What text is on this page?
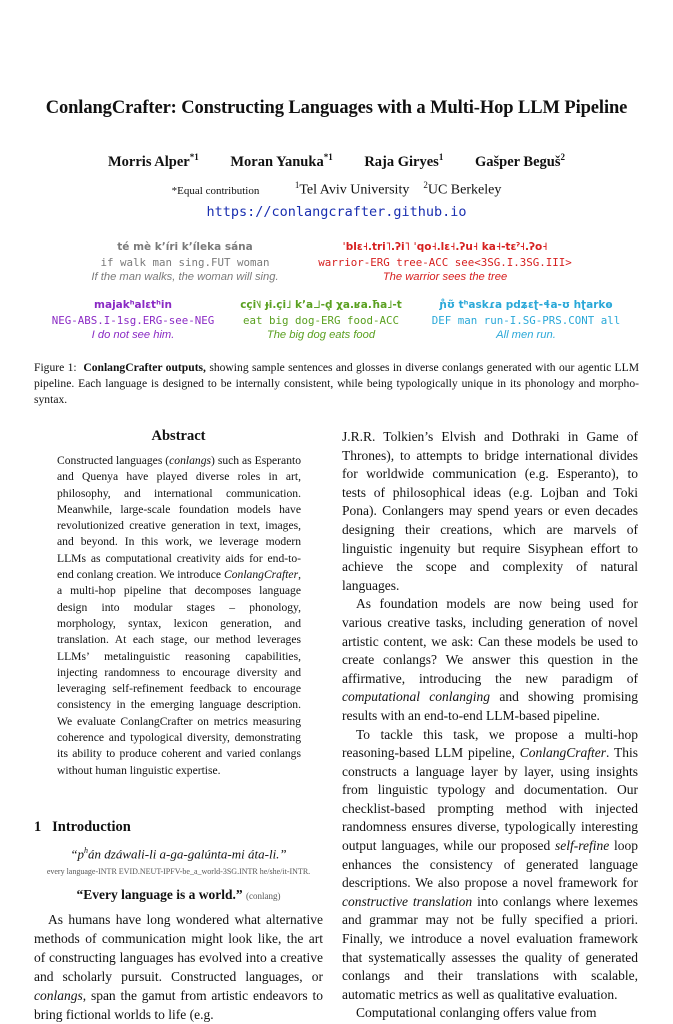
ConlangCrafter: Constructing Languages with a Multi-Hop LLM Pipeline
Morris Alper$^{*1}$ Moran Yanuka$^{*1}$ Raja Giryes$^1$ Gašper Beguš$^2$
*Equal contribution	$^1$Tel Aviv University $^2$UC Berkeley
https://conlangcrafter.github.io
té mè kʼíri kʼíleka sána
if walk man sing.FUT woman
If the man walks, the woman will sing.
ˈblɛ˧.tri˥.ʔi˥ ˈqo˧.lɛ˧.ʔu˧ ka˧-tɛˀ˧.ʔo˧
warrior-ERG tree-ACC see<3SG.I.3SG.III>
The warrior sees the tree
majakʰalɛtʰin
NEG-ABS.I-1sg.ERG-see-NEG
I do not see him.
cçi˥˩ ɟi.çi˩ kʼa˩˩-d̥ χa.ʁa.ħa˩-t
eat big dog-ERG food-ACC
The big dog eats food
ɲ̊ʊ̃ tʰaskɾa pdʑɛʈ-ɬa-ʊ hʈarkɵ
DEF man run-I.SG-PRS.CONT all
All men run.
Figure 1: ConlangCrafter outputs, showing sample sentences and glosses in diverse conlangs generated with our agentic LLM pipeline. Each language is designed to be internally consistent, while being typologically unique in its phonology and morpho-syntax.
Abstract
Constructed languages (conlangs) such as Esperanto and Quenya have played diverse roles in art, philosophy, and international communication. Meanwhile, large-scale foundation models have revolutionized creative generation in text, images, and beyond. In this work, we leverage modern LLMs as computational creativity aids for end-to-end conlang creation. We introduce ConlangCrafter, a multi-hop pipeline that decomposes language design into modular stages – phonology, morphology, syntax, lexicon generation, and translation. At each stage, our method leverages LLMs’ metalinguistic reasoning capabilities, injecting randomness to encourage diversity and leveraging self-refinement feedback to encourage consistency in the emerging language description. We evaluate ConlangCrafter on metrics measuring coherence and typological diversity, demonstrating its ability to produce coherent and varied conlangs without human linguistic expertise.
1 Introduction
“$p^hán$ dzáwali-li a-ga-galúnta-mi áta-li.”
every language-INTR EVID.NEUT-IPFV-be_a_world-3SG.INTR he/she/it-INTR.
“Every language is a world.” (conlang)
As humans have long wondered what alternative methods of communication might look like, the art of constructing languages has evolved into a creative and scholarly pursuit. Constructed languages, or conlangs, span the gamut from artistic endeavors to bring fictional worlds to life (e.g.

J.R.R. Tolkien’s Elvish and Dothraki in Game of Thrones), to attempts to bridge international divides for worldwide communication (e.g. Esperanto), to tests of philosophical ideas (e.g. Lojban and Toki Pona). Conlangers may spend years or even decades designing their creations, which are marvels of linguistic ingenuity but require Sisyphean effort to achieve the scope and complexity of natural languages.

As foundation models are now being used for various creative tasks, including generation of novel artistic content, we ask: Can these models be used to create conlangs? We answer this question in the affirmative, introducing the new paradigm of computational conlanging and showing promising results with an end-to-end LLM-based pipeline.

To tackle this task, we propose a multi-hop reasoning-based LLM pipeline, ConlangCrafter. This constructs a language layer by layer, using insights from linguistic typology and documentation. Our checklist-based prompting method with injected randomness ensures diverse, typologically interesting output languages, while our proposed self-refine loop enhances the consistency of generated language descriptions. We also propose a novel framework for constructive translation into conlangs where lexemes and grammar may not be fully specified a priori. Finally, we introduce a novel evaluation framework that systematically assesses the quality of generated conlangs and their translations with scalable, automatic metrics as well as qualitative evaluation.

Computational conlanging offers value from
